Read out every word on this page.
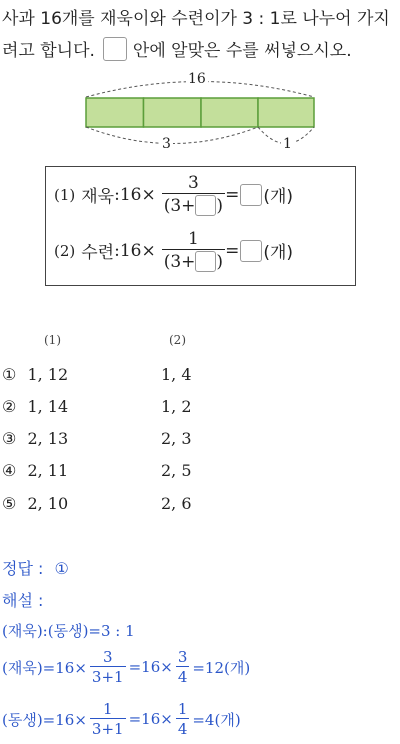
사과 16개를 재욱이와 수련이가 3 : 1로 나누어 가지
려고 합니다. 안에 알맞은 수를 써넣으시오.
16
3	1
(1) 재욱 :16× $\frac{3}{(3+ )}$ = (개)
(2) 수련 :16× $\frac{1}{(3+ )}$ = (개)
(1)	(2)
① 1, 12	1, 4
② 1, 14	1, 2
③ 2, 13	2, 3
④ 2, 11	2, 5
⑤ 2, 10	2, 6
정답 : ①
해설 :
(재욱):(동생)=3 : 1
(재욱)$=16\times \frac{3}{3+1} =16\times \frac{3}{4} =12$(개)
(동생)$=16\times \frac{1}{3+1} =16\times \frac{1}{4} =4$(개)
